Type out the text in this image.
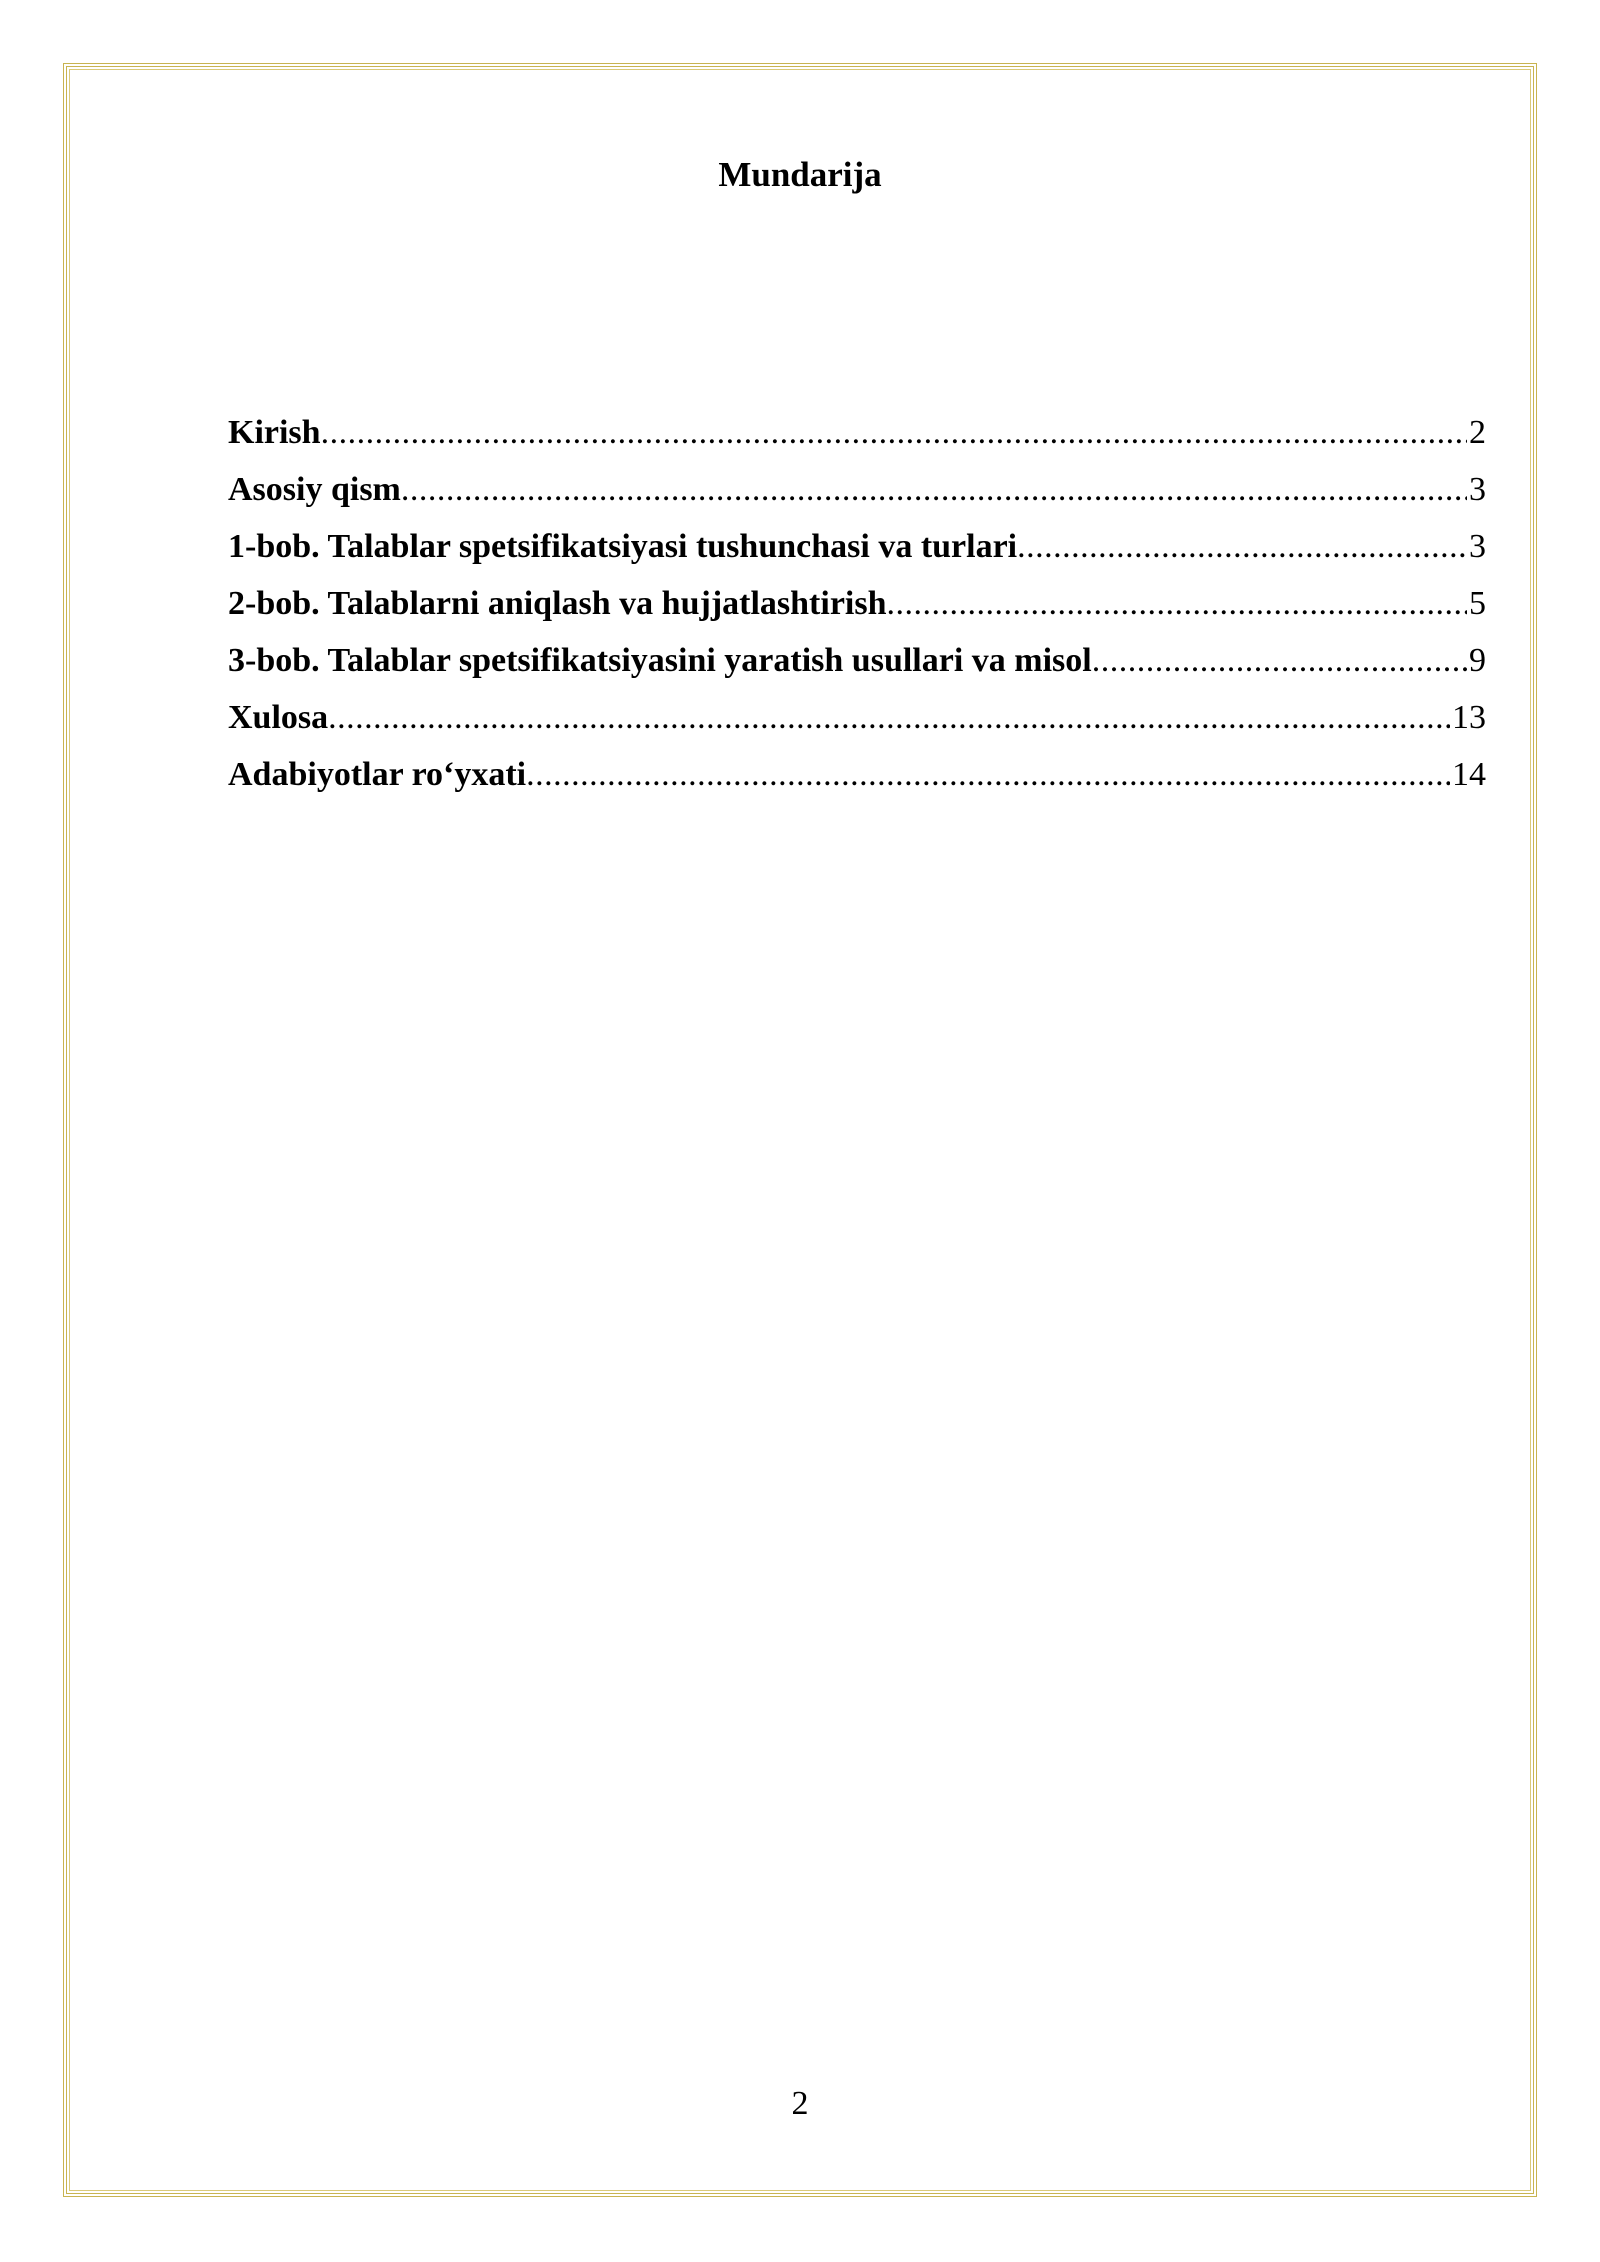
Mundarija
Kirish .....	2
Asosiy qism .....	3
1-bob. Talablar spetsifikatsiyasi tushunchasi va turlari .....	3
2-bob. Talablarni aniqlash va hujjatlashtirish .....	5
3-bob. Talablar spetsifikatsiyasini yaratish usullari va misol .....	9
Xulosa .....	13
Adabiyotlar ro‘yxati .....	14
2
